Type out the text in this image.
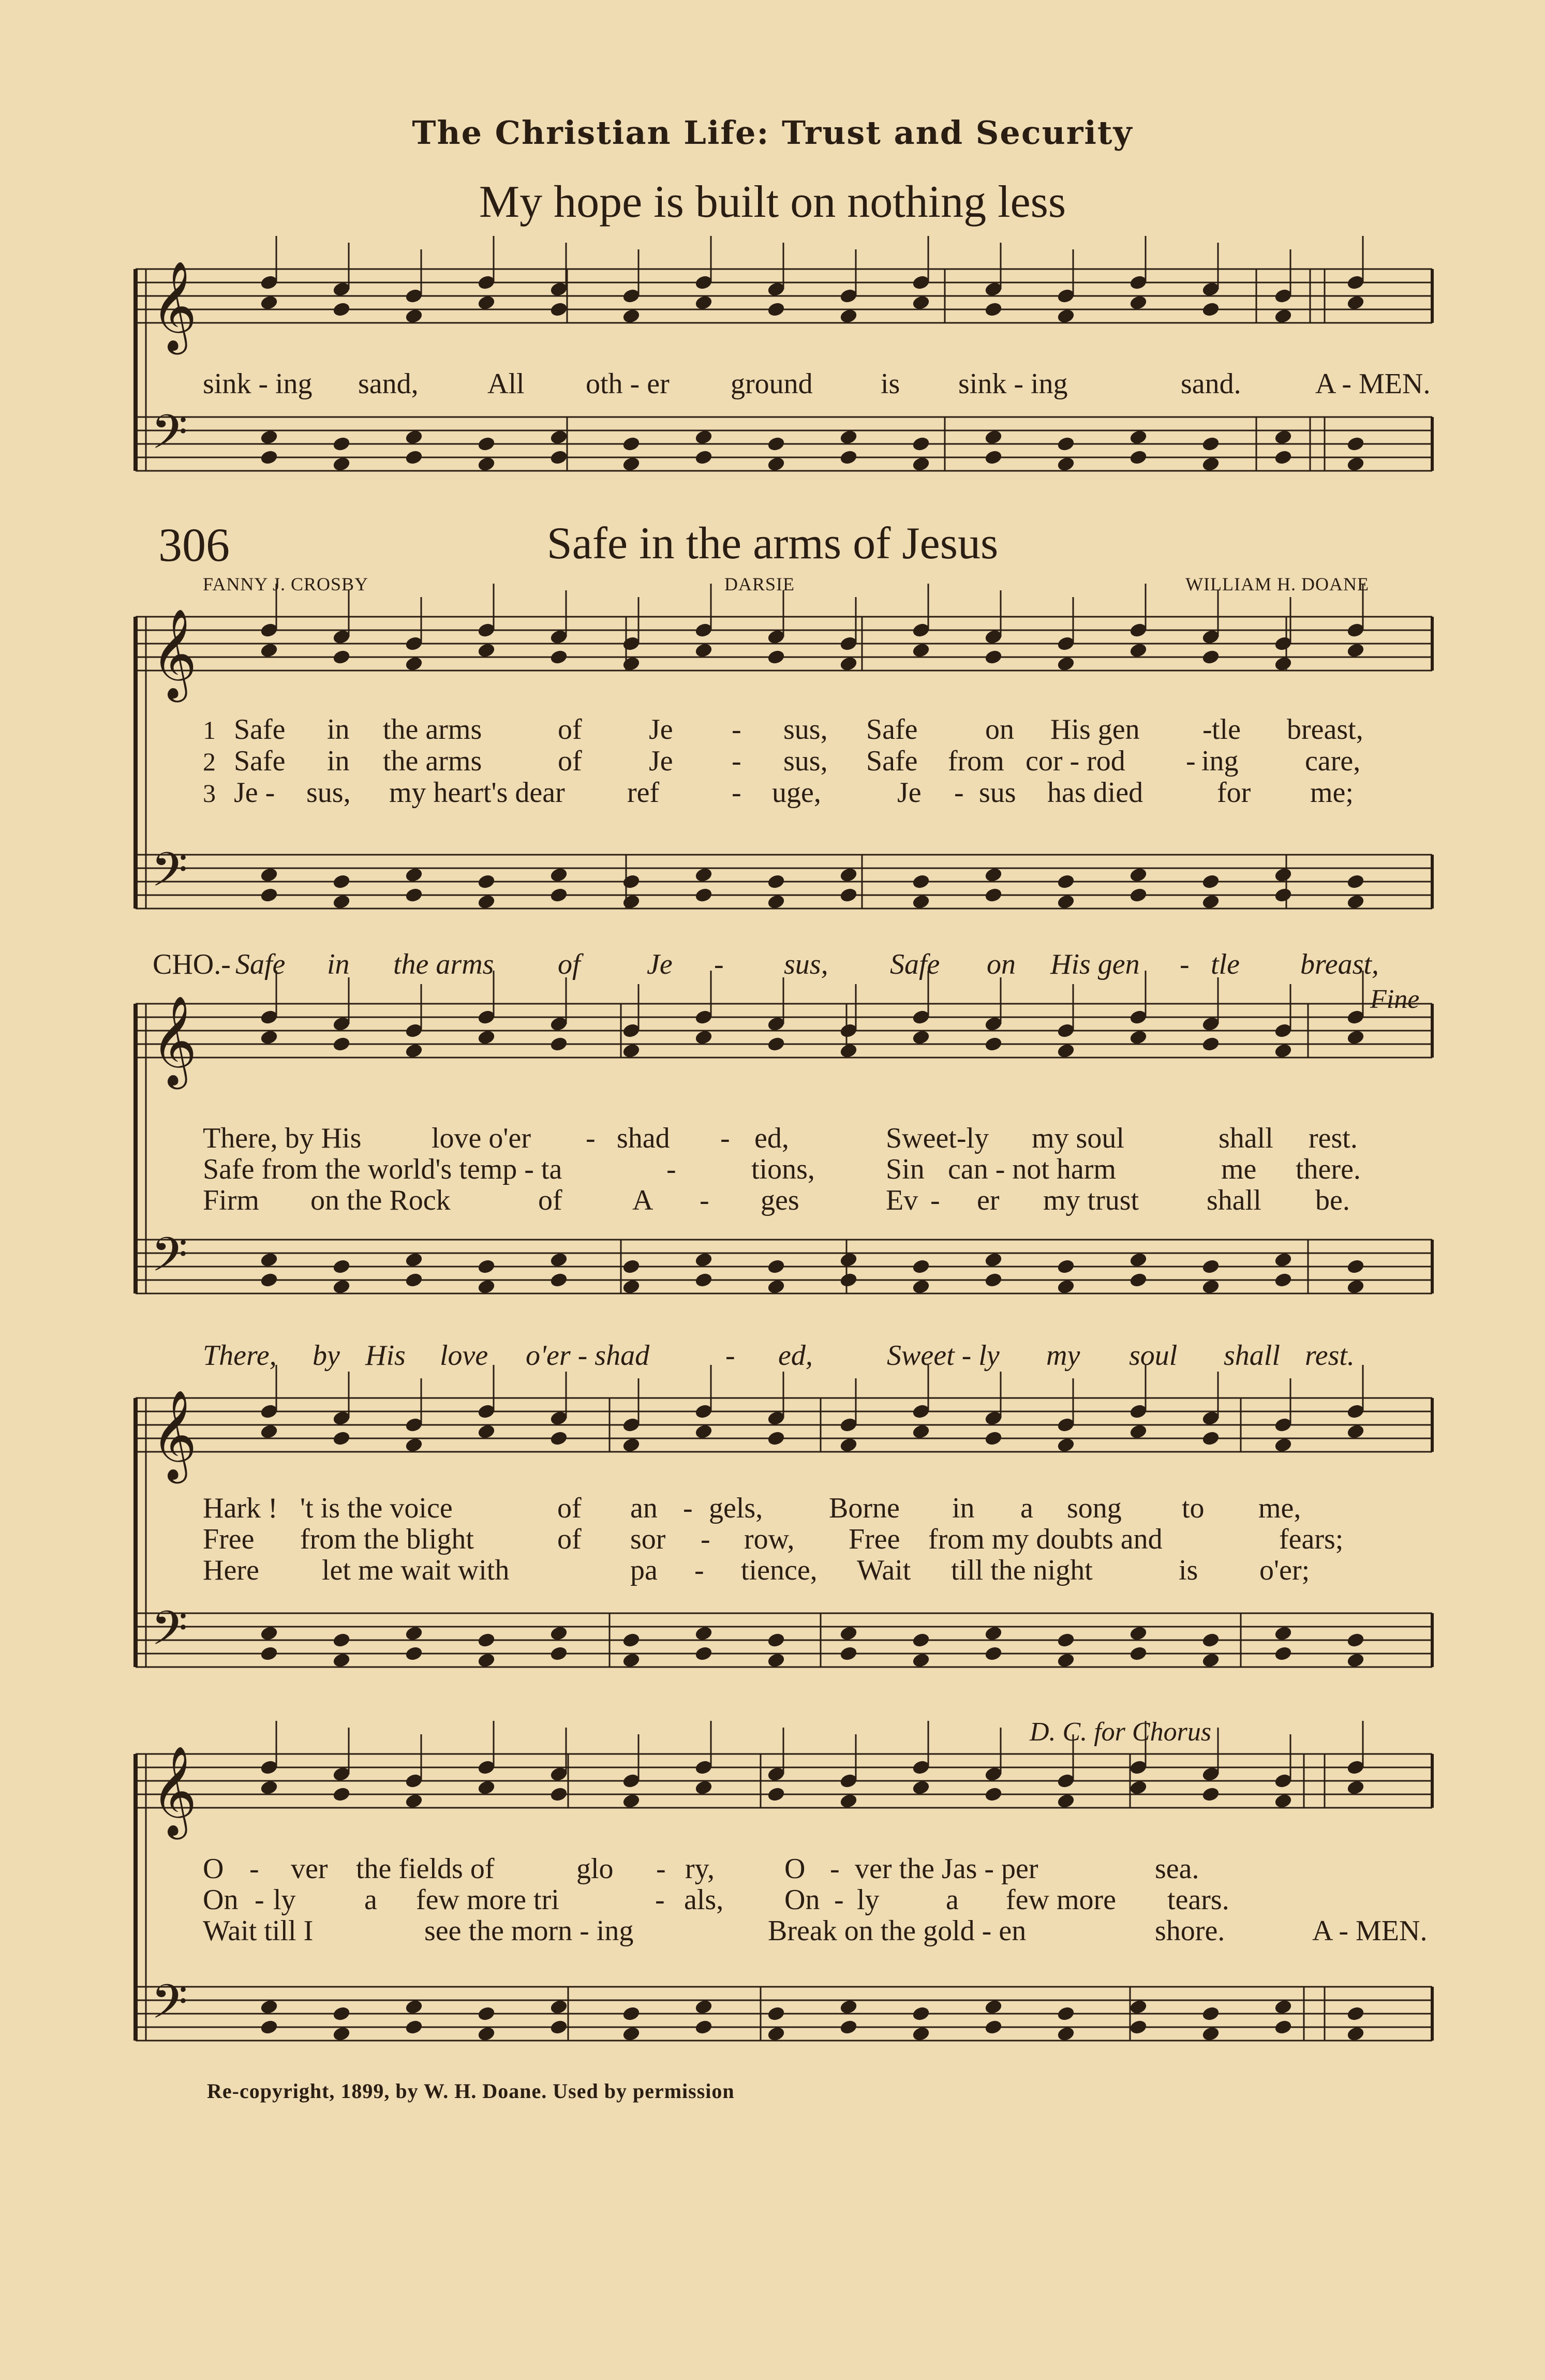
The Christian Life: Trust and Security
My hope is built on nothing less
𝄞
𝄢
𝄞
𝄢
𝄞
𝄢
𝄞
𝄢
𝄞
𝄢

sink - ing

sand,

All

oth - er

ground

is

sink - ing

	sand.

	A - MEN.

306	Safe in the arms of Jesus
FANNY J. CROSBY	DARSIE	WILLIAM H. DOANE
1
2
3

Safe

in

the arms

	of

Je

-

sus,

Safe

on

His gen

-

tle

breast,

Safe

in

the arms

	of

Je

-

sus,

Safe

from

cor - rod

-

ing

care,

Je -

sus,

my heart's dear

ref

-

uge,

	Je

-

sus

has died

	for

me;

CHO.-

Safe

in

the arms

of

Je

-

sus,

Safe

on

His gen

-

tle

breast,

Fine

There, by His

love o'er

-

shad

-

ed,

	Sweet-ly

my soul

	shall

rest.

Safe from the world's temp - ta

	-

	tions,

Sin

can - not harm

	me

there.

Firm

on the Rock

	of

A

-

ges

	Ev

-

er

my trust

shall

be.

There,

by

His

love

o'er - shad

	-

ed,

	Sweet - ly

my

soul

shall

rest.

Hark !

't is the voice

	of

an

-

gels,

Borne

in

a

song

to

me,

Free

from the blight

	of

sor

-

row,

Free

from my doubts and

	fears;

Here

let me wait with

	pa

-

tience,

Wait

till the night

	is

o'er;

D. C. for Chorus

O

-

ver

the fields of

	glo

-

ry,

O

-

ver the Jas - per

	sea.

On

-

ly

a

few more tri

	-

als,

On

-

ly

a

few more

tears.

Wait till I

	see the morn - ing

	Break on the gold - en

	shore.

	A - MEN.

Re-copyright, 1899, by W. H. Doane. Used by permission
